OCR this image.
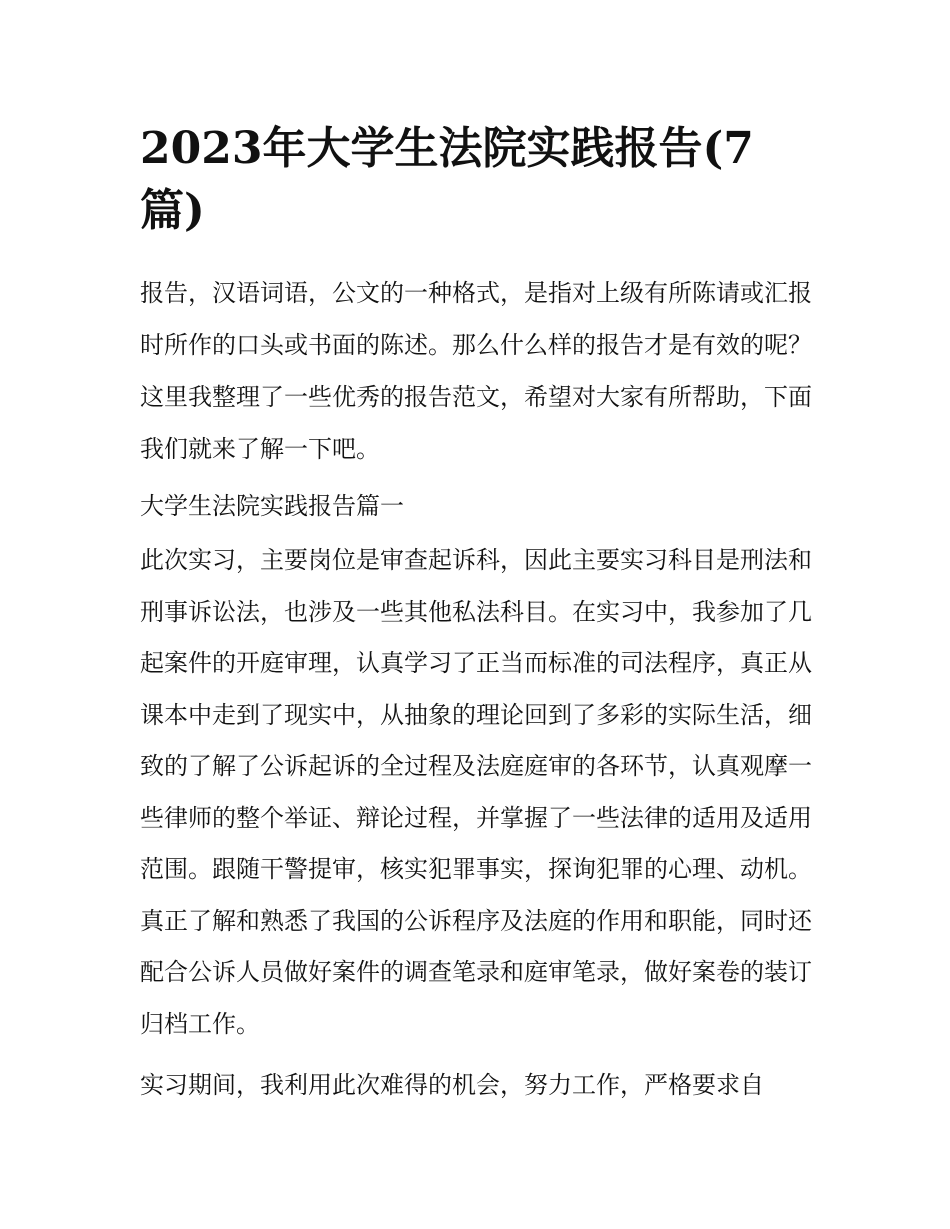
2023年大学生法院实践报告(7篇)

报告，汉语词语，公文的一种格式，是指对上级有所陈请或汇报时所作的口头或书面的陈述。那么什么样的报告才是有效的呢？这里我整理了一些优秀的报告范文，希望对大家有所帮助，下面我们就来了解一下吧。

大学生法院实践报告篇一

此次实习，主要岗位是审查起诉科，因此主要实习科目是刑法和刑事诉讼法，也涉及一些其他私法科目。在实习中，我参加了几起案件的开庭审理，认真学习了正当而标准的司法程序，真正从课本中走到了现实中，从抽象的理论回到了多彩的实际生活，细致的了解了公诉起诉的全过程及法庭庭审的各环节，认真观摩一些律师的整个举证、辩论过程，并掌握了一些法律的适用及适用范围。跟随干警提审，核实犯罪事实，探询犯罪的心理、动机。真正了解和熟悉了我国的公诉程序及法庭的作用和职能，同时还配合公诉人员做好案件的调查笔录和庭审笔录，做好案卷的装订归档工作。

实习期间，我利用此次难得的机会，努力工作，严格要求自
